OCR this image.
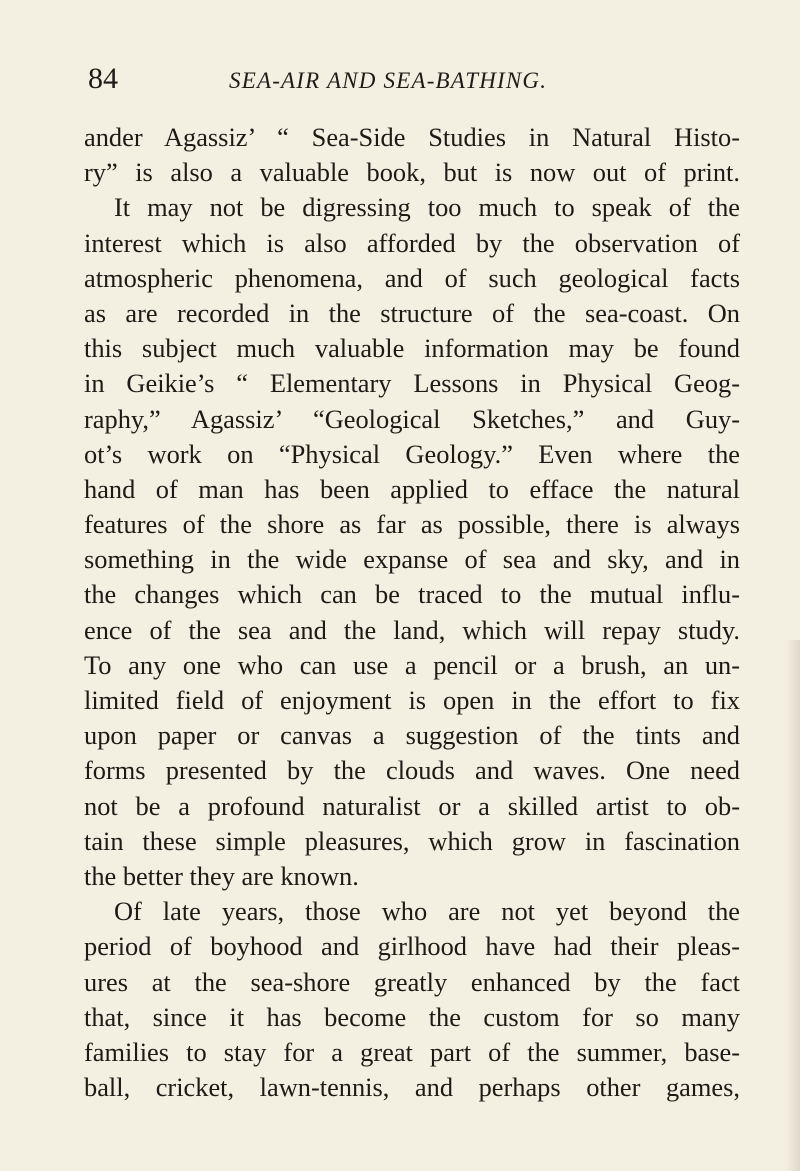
84	SEA-AIR AND SEA-BATHING.
ander Agassiz’ “ Sea-Side Studies in Natural Histo-
ry” is also a valuable book, but is now out of print.
It may not be digressing too much to speak of the
interest which is also afforded by the observation of
atmospheric phenomena, and of such geological facts
as are recorded in the structure of the sea-coast. On
this subject much valuable information may be found
in Geikie’s “ Elementary Lessons in Physical Geog-
raphy,” Agassiz’ “Geological Sketches,” and Guy-
ot’s work on “Physical Geology.” Even where the
hand of man has been applied to efface the natural
features of the shore as far as possible, there is always
something in the wide expanse of sea and sky, and in
the changes which can be traced to the mutual influ-
ence of the sea and the land, which will repay study.
To any one who can use a pencil or a brush, an un-
limited field of enjoyment is open in the effort to fix
upon paper or canvas a suggestion of the tints and
forms presented by the clouds and waves. One need
not be a profound naturalist or a skilled artist to ob-
tain these simple pleasures, which grow in fascination
the better they are known.
Of late years, those who are not yet beyond the
period of boyhood and girlhood have had their pleas-
ures at the sea-shore greatly enhanced by the fact
that, since it has become the custom for so many
families to stay for a great part of the summer, base-
ball, cricket, lawn-tennis, and perhaps other games,
